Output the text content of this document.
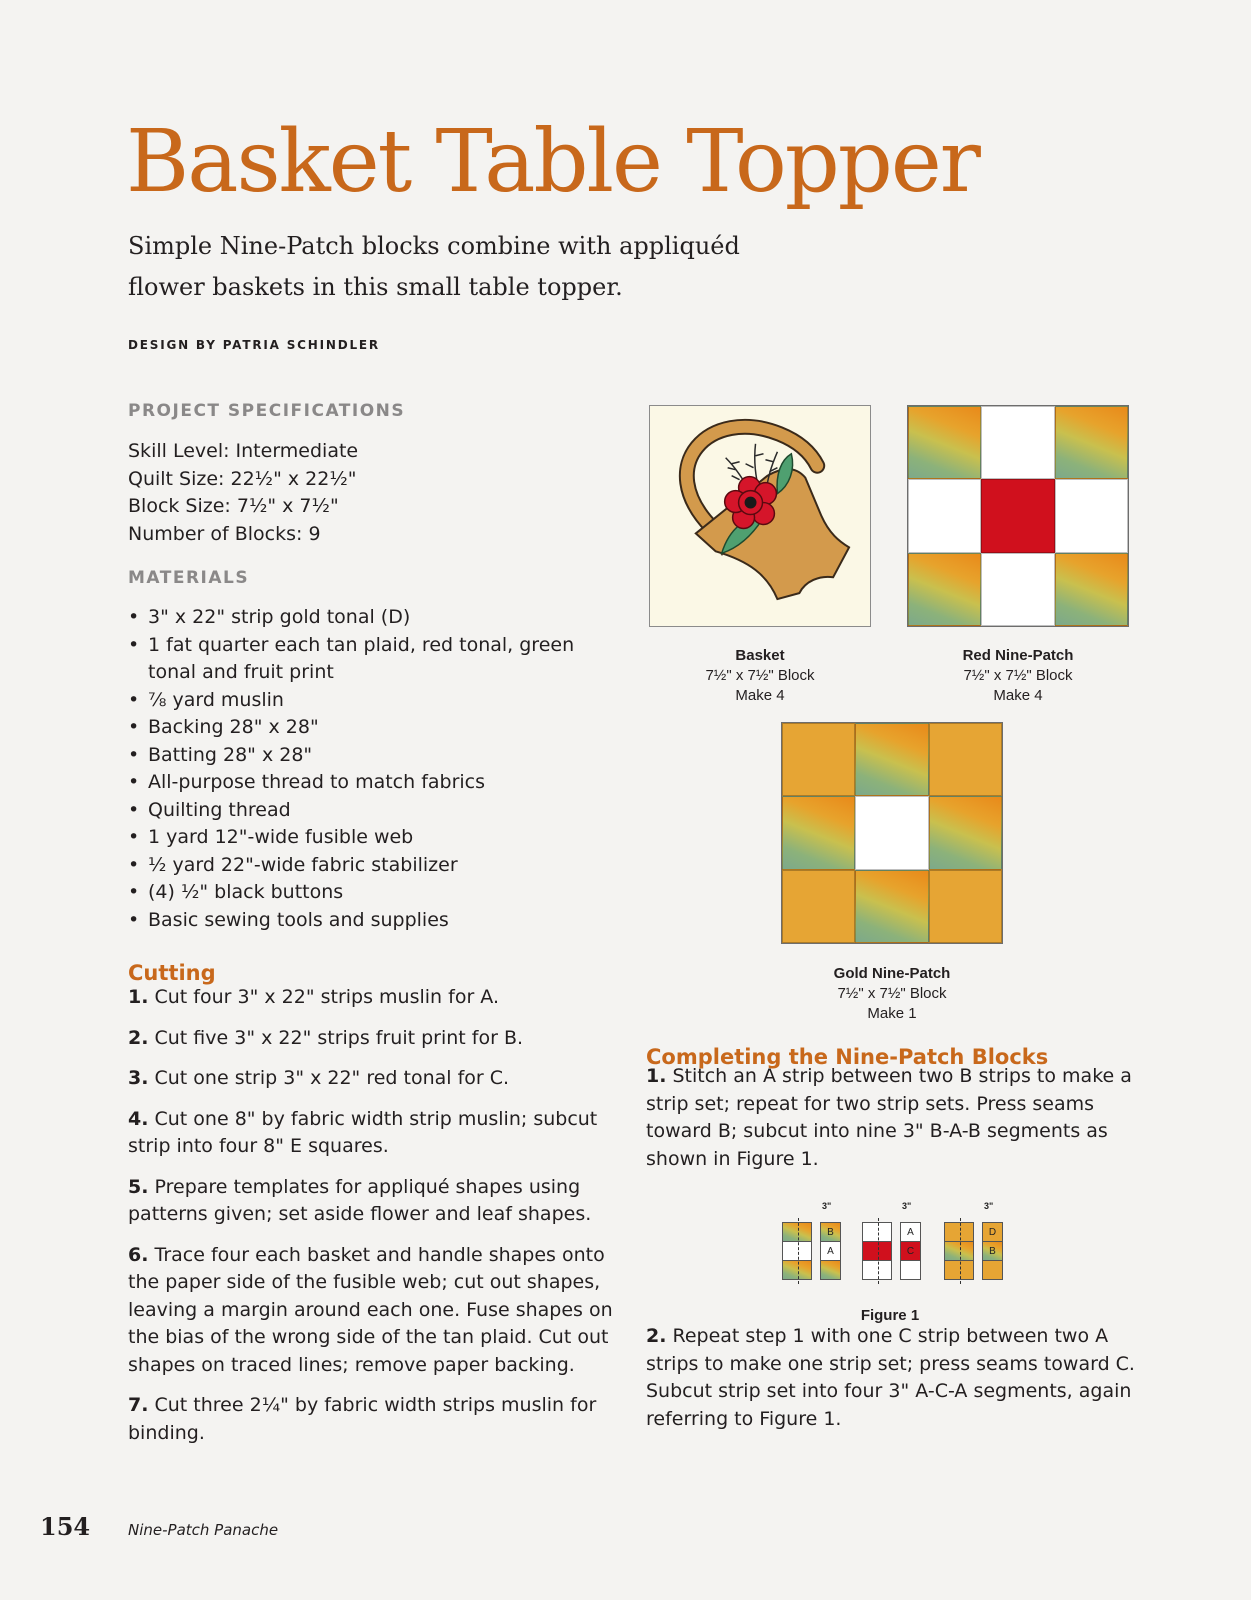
Basket Table Topper

Simple Nine-Patch blocks combine with appliquéd flower baskets in this small table topper.

DESIGN BY PATRIA SCHINDLER
PROJECT SPECIFICATIONS
Skill Level: Intermediate
Quilt Size: 22½" x 22½"
Block Size: 7½" x 7½"
Number of Blocks: 9
MATERIALS
• 3" x 22" strip gold tonal (D)
• 1 fat quarter each tan plaid, red tonal, green tonal and fruit print
• ⅞ yard muslin
• Backing 28" x 28"
• Batting 28" x 28"
• All-purpose thread to match fabrics
• Quilting thread
• 1 yard 12"-wide fusible web
• ½ yard 22"-wide fabric stabilizer
• (4) ½" black buttons
• Basic sewing tools and supplies
Cutting
1. Cut four 3" x 22" strips muslin for A.
2. Cut five 3" x 22" strips fruit print for B.
3. Cut one strip 3" x 22" red tonal for C.
4. Cut one 8" by fabric width strip muslin; subcut strip into four 8" E squares.
5. Prepare templates for appliqué shapes using patterns given; set aside flower and leaf shapes.
6. Trace four each basket and handle shapes onto the paper side of the fusible web; cut out shapes, leaving a margin around each one. Fuse shapes on the bias of the wrong side of the tan plaid. Cut out shapes on traced lines; remove paper backing.
7. Cut three 2¼" by fabric width strips muslin for binding.
Basket
7½" x 7½" Block
Make 4
Red Nine-Patch
7½" x 7½" Block
Make 4
Gold Nine-Patch
7½" x 7½" Block
Make 1
Completing the Nine-Patch Blocks
1. Stitch an A strip between two B strips to make a strip set; repeat for two strip sets. Press seams toward B; subcut into nine 3" B-A-B segments as shown in Figure 1.
2. Repeat step 1 with one C strip between two A strips to make one strip set; press seams toward C. Subcut strip set into four 3" A-C-A segments, again referring to Figure 1.
3"
B
A
3"
A
C
3"
D
B
Figure 1
154	Nine-Patch Panache
